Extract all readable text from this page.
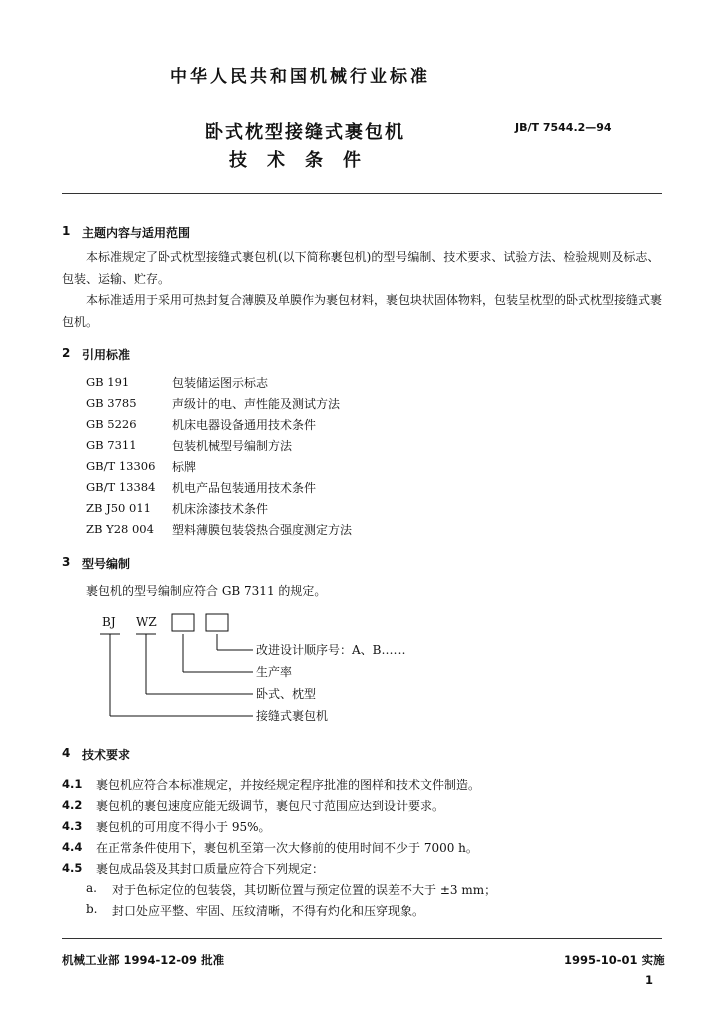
中华人民共和国机械行业标准
卧式枕型接缝式裹包机
技术条件
JB/T 7544.2—94
1 主题内容与适用范围
本标准规定了卧式枕型接缝式裹包机(以下简称裹包机)的型号编制、技术要求、试验方法、检验规则及标志、包装、运输、贮存。
本标准适用于采用可热封复合薄膜及单膜作为裹包材料，裹包块状固体物料，包装呈枕型的卧式枕型接缝式裹包机。
2 引用标准
GB 191	包装储运图示标志
GB 3785	声级计的电、声性能及测试方法
GB 5226	机床电器设备通用技术条件
GB 7311	包装机械型号编制方法
GB/T 13306 标牌
GB/T 13384 机电产品包装通用技术条件
ZB J50 011 机床涂漆技术条件
ZB Y28 004 塑料薄膜包装袋热合强度测定方法
3 型号编制
裹包机的型号编制应符合 GB 7311 的规定。
BJ WZ
改进设计顺序号：A、B……
生产率
卧式、枕型
接缝式裹包机
4 技术要求
4.1 裹包机应符合本标准规定，并按经规定程序批准的图样和技术文件制造。
4.2 裹包机的裹包速度应能无级调节，裹包尺寸范围应达到设计要求。
4.3 裹包机的可用度不得小于 95%。
4.4 在正常条件使用下，裹包机至第一次大修前的使用时间不少于 7000 h。
4.5 裹包成品袋及其封口质量应符合下列规定：
a. 对于色标定位的包装袋，其切断位置与预定位置的误差不大于 ±3 mm；
b. 封口处应平整、牢固、压纹清晰，不得有灼化和压穿现象。
机械工业部 1994-12-09 批准	1995-10-01 实施
1
